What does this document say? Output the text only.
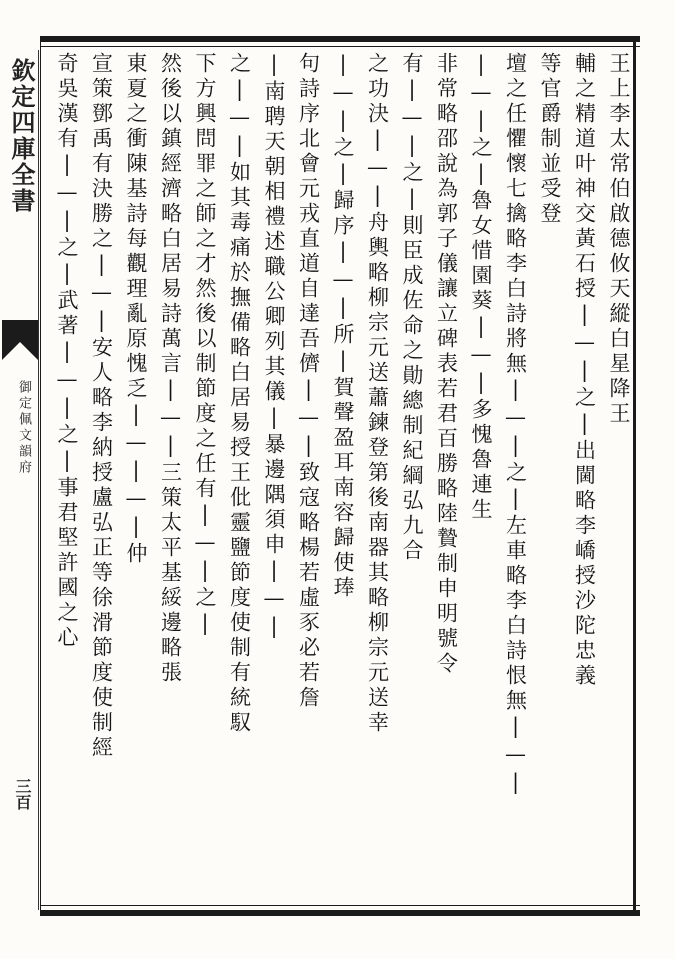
欽定四庫全書
御定佩文韻府
三百
王上李太常伯啟德攸天縱白星降王
輔之精道叶神交黃石授|—|之|出閫略李嶠授沙陀忠義
等官爵制並受登
壇之任懼懷七擒略李白詩將無|—|之|左車略李白詩恨無|—|
|—|之|魯女惜園葵|—|多愧魯連生
非常略邵說為郭子儀讓立碑表若君百勝略陸贄制申明號令
有|—|之|則臣成佐命之勛總制紀綱弘九合
之功決|—|舟輿略柳宗元送蕭鍊登第後南器其略柳宗元送幸
|—|之|歸序|—|所|賀聲盈耳南容歸使琫
句詩序北會元戎直道自達吾儕|—|致寇略楊若虛豕必若詹
|南聘天朝相禮述職公卿列其儀|暴邊隅須申|—|
之|—|如其毒痛於撫備略白居易授王仳靈鹽節度使制有統馭
下方興問罪之師之才然後以制節度之任有|—|之|
然後以鎮經濟略白居易詩萬言|—|三策太平基綏邊略張
東夏之衝陳基詩每觀理亂原愧乏|—|—|仲
宣策鄧禹有決勝之|—|安人略李納授盧弘正等徐滑節度使制經
奇吳漢有|—|之|武著|—|之|事君堅許國之心
